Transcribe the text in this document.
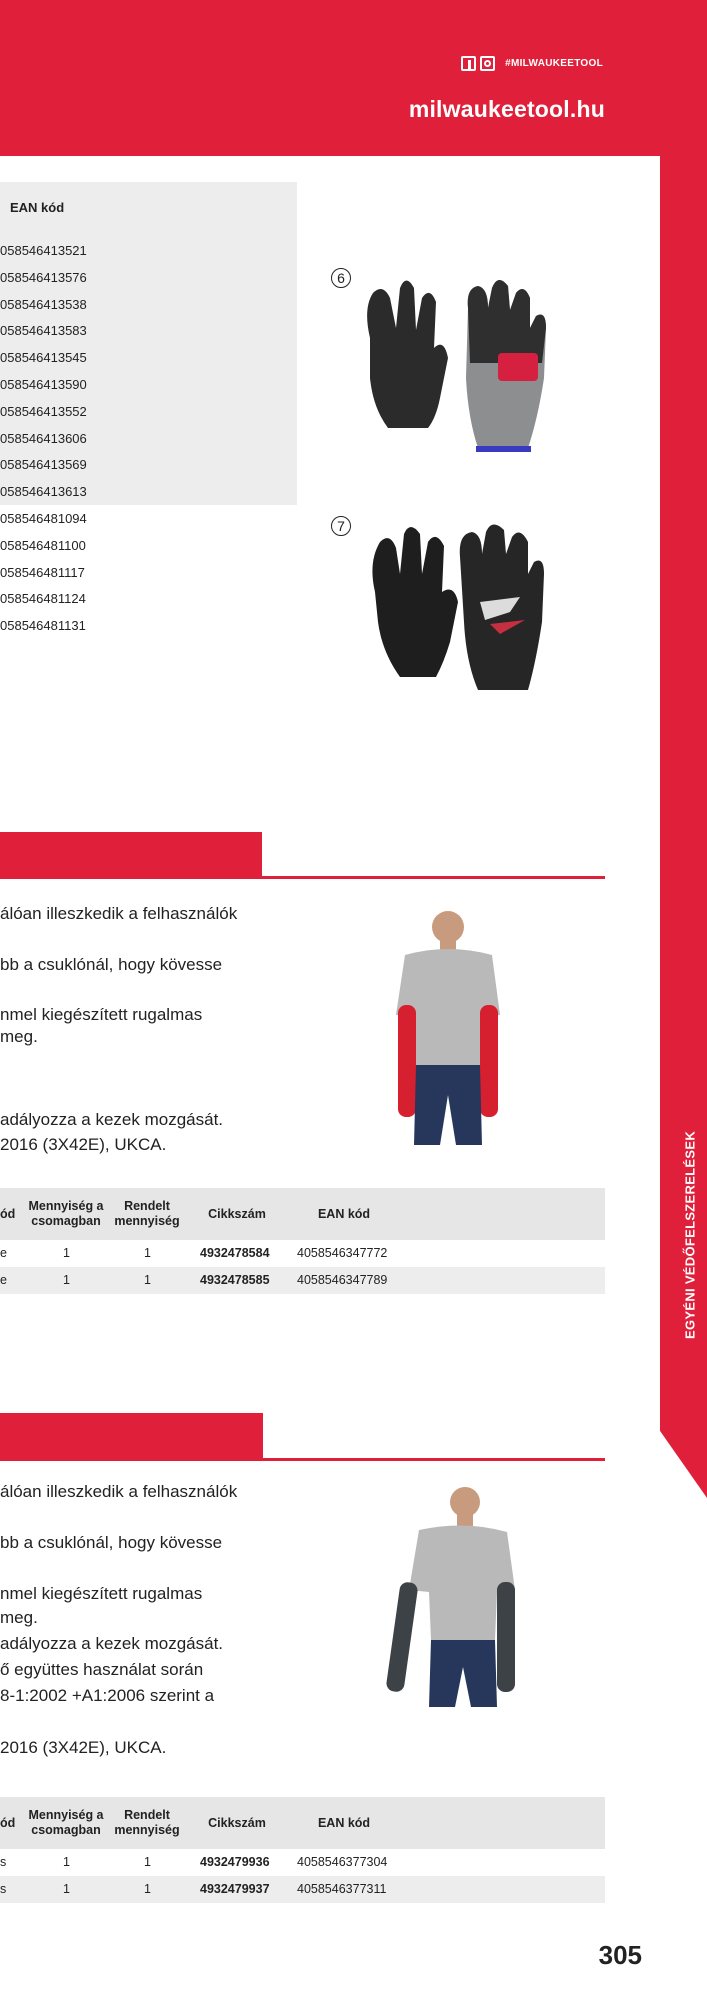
#MILWAUKEETOOL
milwaukeetool.hu
EGYÉNI VÉDŐFELSZERELÉSEK
EAN kód
058546413521
058546413576
058546413538
058546413583
058546413545
058546413590
058546413552
058546413606
058546413569
058546413613
058546481094
058546481100
058546481117
058546481124
058546481131
6
7
álóan illeszkedik a felhasználók
bb a csuklónál, hogy kövesse
nmel kiegészített rugalmas
meg.
adályozza a kezek mozgását.
2016 (3X42E), UKCA.
ód
Mennyiség a csomagban
Rendelt mennyiség
Cikkszám	EAN kód
e	1	1	4932478584 4058546347772
e	1	1	4932478585 4058546347789
álóan illeszkedik a felhasználók
bb a csuklónál, hogy kövesse
nmel kiegészített rugalmas
meg.
adályozza a kezek mozgását.
ő együttes használat során
8-1:2002 +A1:2006 szerint a
2016 (3X42E), UKCA.
ód
Mennyiség a csomagban
Rendelt mennyiség
Cikkszám	EAN kód
s	1	1	4932479936 4058546377304
s	1	1	4932479937 4058546377311
305
